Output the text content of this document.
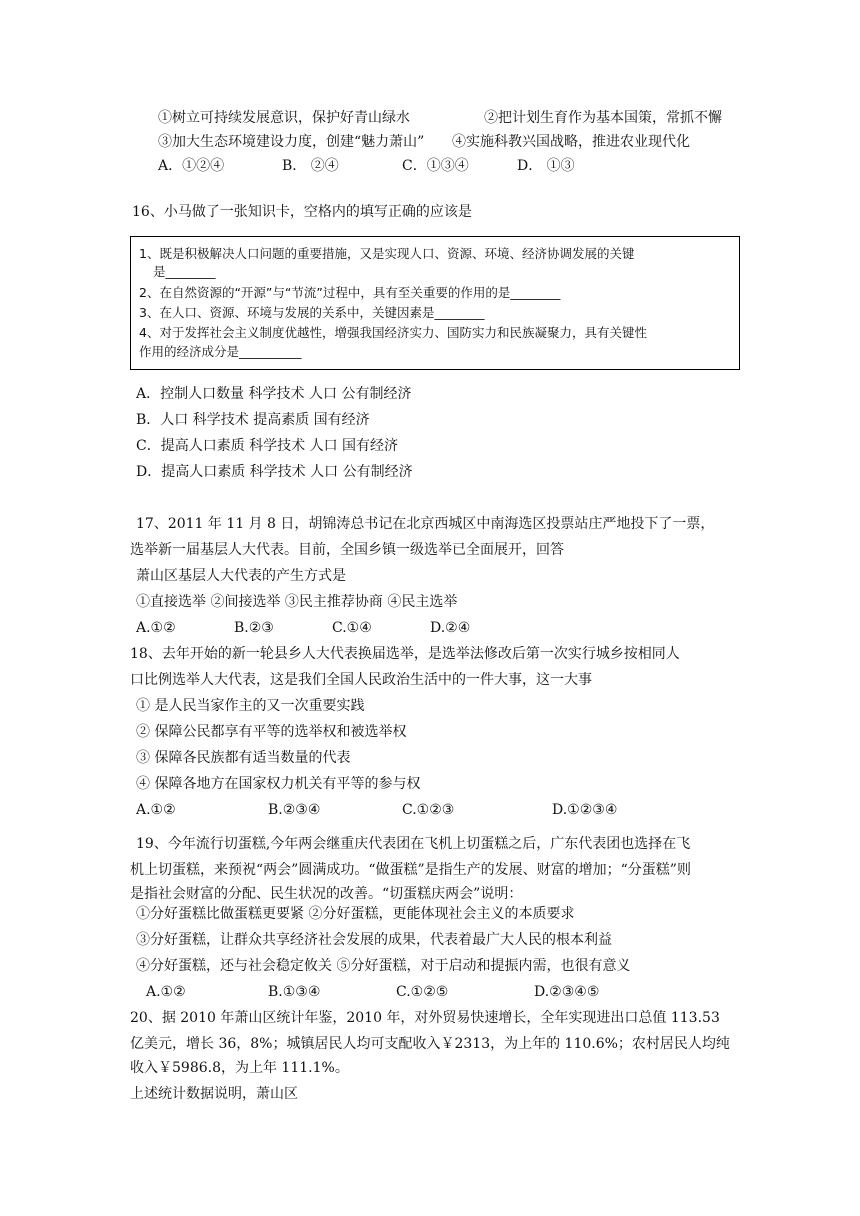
①树立可持续发展意识，保护好青山绿水	②把计划生育作为基本国策，常抓不懈
③加大生态环境建设力度，创建“魅力萧山” ④实施科教兴国战略，推进农业现代化
A．①②④	B． ②④	C．①③④	D． ①③
16、小马做了一张知识卡，空格内的填写正确的应该是
1、既是积极解决人口问题的重要措施，又是实现人口、资源、环境、经济协调发展的关键
是________
2、在自然资源的“开源”与“节流”过程中，具有至关重要的作用的是________
3、在人口、资源、环境与发展的关系中，关键因素是________
4、对于发挥社会主义制度优越性，增强我国经济实力、国防实力和民族凝聚力，具有关键性
作用的经济成分是__________
A．控制人口数量 科学技术 人口 公有制经济
B．人口 科学技术 提高素质 国有经济
C．提高人口素质 科学技术 人口 国有经济
D．提高人口素质 科学技术 人口 公有制经济
17、2011 年 11 月 8 日，胡锦涛总书记在北京西城区中南海选区投票站庄严地投下了一票，
选举新一届基层人大代表。目前，全国乡镇一级选举已全面展开，回答
萧山区基层人大代表的产生方式是
①直接选举 ②间接选举 ③民主推荐协商 ④民主选举
A.①②	B.②③	C.①④	D.②④
18、去年开始的新一轮县乡人大代表换届选举，是选举法修改后第一次实行城乡按相同人
口比例选举人大代表，这是我们全国人民政治生活中的一件大事，这一大事
① 是人民当家作主的又一次重要实践
② 保障公民都享有平等的选举权和被选举权
③ 保障各民族都有适当数量的代表
④ 保障各地方在国家权力机关有平等的参与权
A.①②	B.②③④	C.①②③	D.①②③④
19、今年流行切蛋糕,今年两会继重庆代表团在飞机上切蛋糕之后，广东代表团也选择在飞
机上切蛋糕，来预祝“两会”圆满成功。“做蛋糕”是指生产的发展、财富的增加；“分蛋糕”则
是指社会财富的分配、民生状况的改善。“切蛋糕庆两会”说明：
①分好蛋糕比做蛋糕更要紧 ②分好蛋糕，更能体现社会主义的本质要求
③分好蛋糕，让群众共享经济社会发展的成果，代表着最广大人民的根本利益
④分好蛋糕，还与社会稳定攸关 ⑤分好蛋糕，对于启动和提振内需，也很有意义
A.①②	B.①③④	C.①②⑤	D.②③④⑤
20、据 2010 年萧山区统计年鉴，2010 年，对外贸易快速增长，全年实现进出口总值 113.53
亿美元，增长 36，8%；城镇居民人均可支配收入￥2313，为上年的 110.6%；农村居民人均纯
收入￥5986.8，为上年 111.1%。
上述统计数据说明，萧山区
